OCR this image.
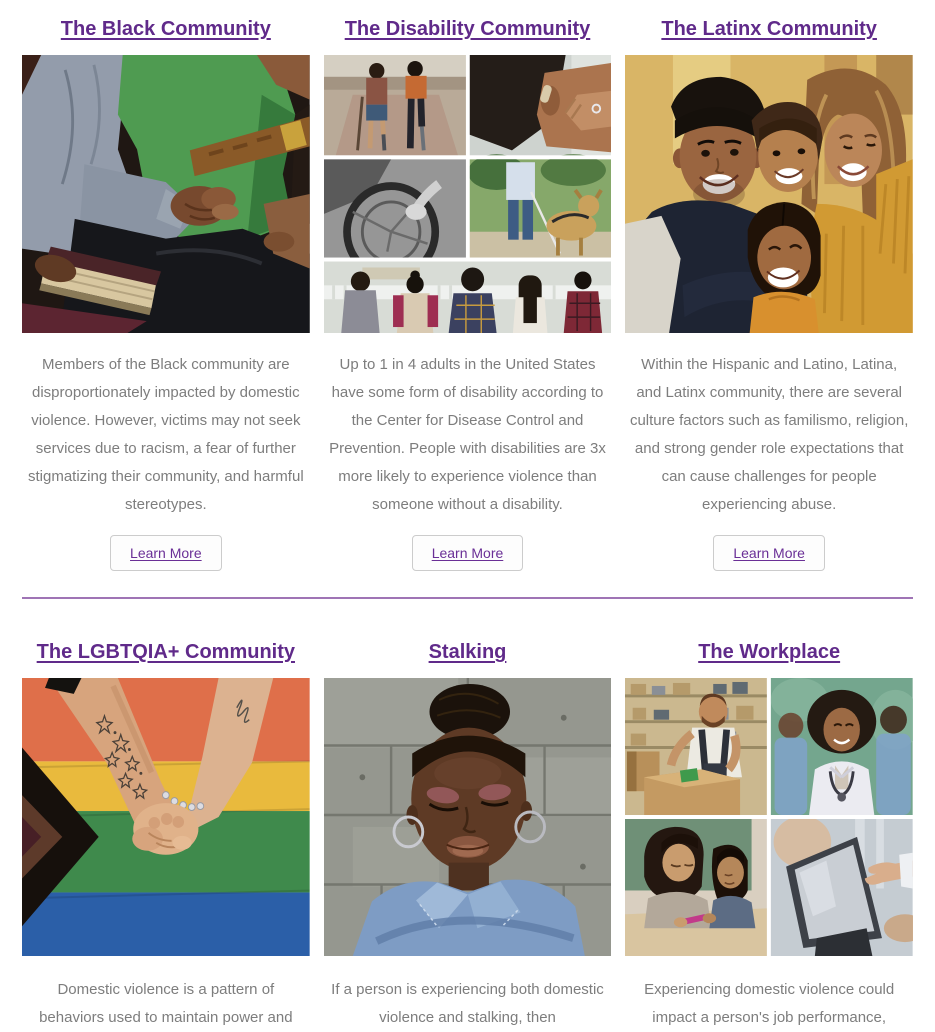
The Black Community

Members of the Black community are disproportionately impacted by domestic violence. However, victims may not seek services due to racism, a fear of further stigmatizing their community, and harmful stereotypes.

Learn More
The Disability Community

Up to 1 in 4 adults in the United States have some form of disability according to the Center for Disease Control and Prevention. People with disabilities are 3x more likely to experience violence than someone without a disability.

Learn More
The Latinx Community

Within the Hispanic and Latino, Latina, and Latinx community, there are several culture factors such as familismo, religion, and strong gender role expectations that can cause challenges for people experiencing abuse.

Learn More
The LGBTQIA+ Community

Domestic violence is a pattern of behaviors used to maintain power and

Stalking

If a person is experiencing both domestic violence and stalking, then

The Workplace

Experiencing domestic violence could impact a person's job performance,
